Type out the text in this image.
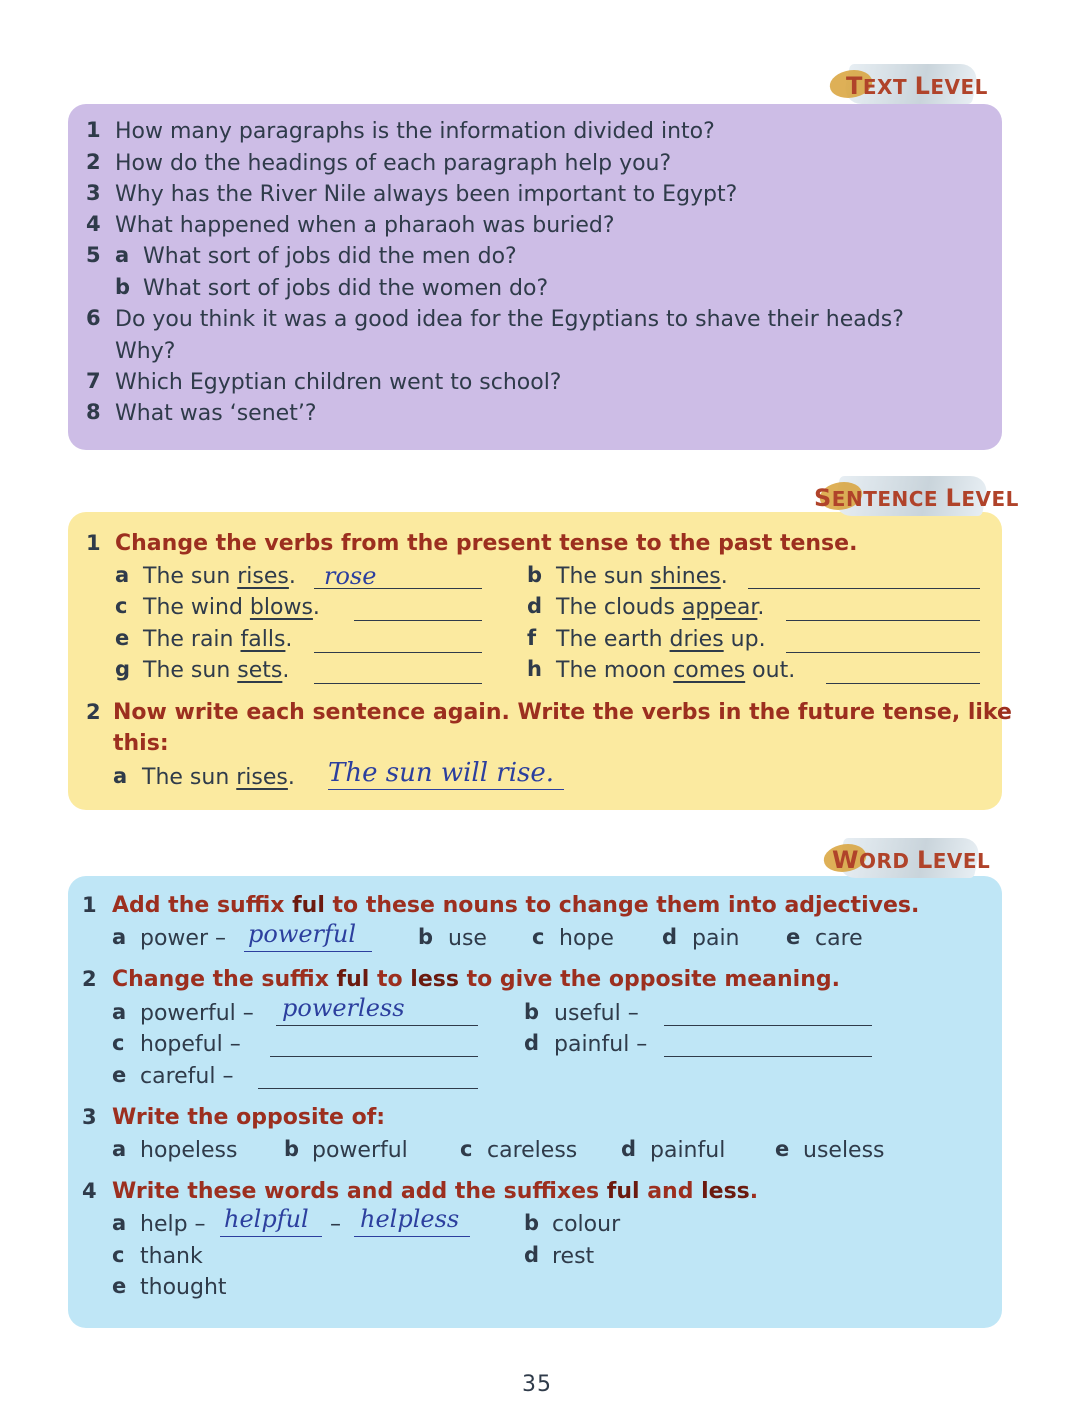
TEXT LEVEL
1 How many paragraphs is the information divided into?
2 How do the headings of each paragraph help you?
3 Why has the River Nile always been important to Egypt?
4 What happened when a pharaoh was buried?
5 a What sort of jobs did the men do?
b What sort of jobs did the women do?
6 Do you think it was a good idea for the Egyptians to shave their heads?
Why?
7 Which Egyptian children went to school?
8 What was ‘senet’?
SENTENCE LEVEL
1 Change the verbs from the present tense to the past tense.
a The sun rises. rose	b The sun shines.
c The wind blows.	d The clouds appear.
e The rain falls.	f The earth dries up.
g The sun sets.	h The moon comes out.
2 Now write each sentence again. Write the verbs in the future tense, like
this:
a The sun rises. The sun will rise.
WORD LEVEL
1 Add the suffix ful to these nouns to change them into adjectives.
a power – powerful	b use c hope d pain e care
2 Change the suffix ful to less to give the opposite meaning.
a powerful – powerless	b useful –
c hopeful –	d painful –
e careful –
3 Write the opposite of:
a hopeless b powerful c careless d painful e useless
4 Write these words and add the suffixes ful and less.
a help – helpful – helpless	b colour
c thank	d rest
e thought
35
